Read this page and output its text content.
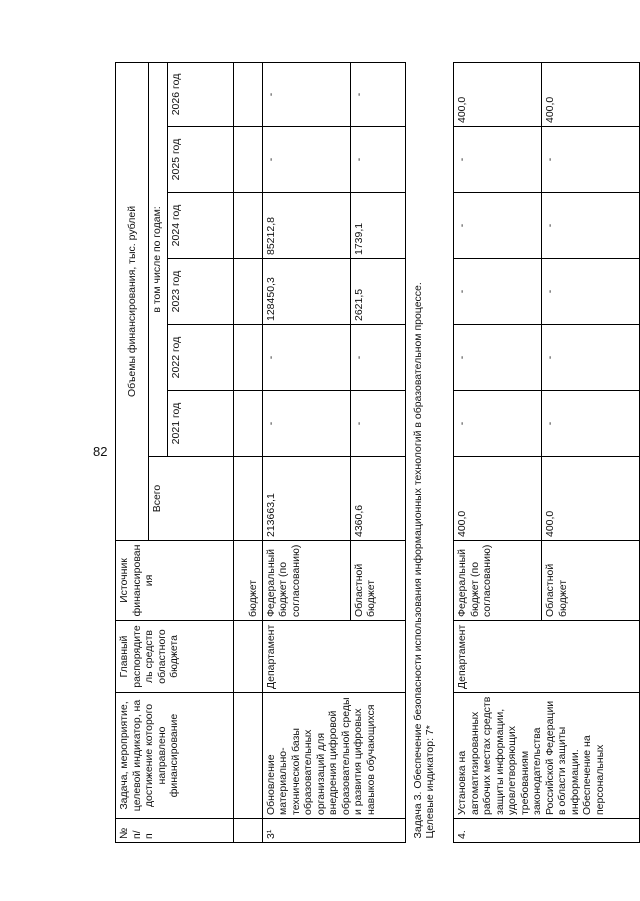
82
№ п/ п	Задача, мероприятие, целевой индикатор, на достижение которого направлено финансирование	Главный распорядитель средств областного бюджета	Источник финансирования	Объемы финансирования, тыс. рублей						
				Всего	в том числе по годам:					
					2021 год	2022 год	2023 год	2024 год	2025 год	2026 год
			бюджет							
3¹	Обновление материально-технической базы образовательных организаций для внедрения цифровой образовательной среды и развития цифровых навыков обучающихся	Департамент	Федеральный бюджет (по согласованию)	213663,1	-	-	128450,3	85212,8	-	-
			Областной бюджет	4360,6	-	-	2621,5	1739,1	-	-

Задача 3. Обеспечение безопасности использования информационных технологий в образовательном процессе. Целевые индикатор: 7*										

4.	Установка на автоматизированных рабочих местах средств защиты информации, удовлетворяющих требованиям законодательства Российской Федерации в области защиты информации. Обеспечение на персональных	Департамент	Федеральный бюджет (по согласованию)	400,0	-	-	-	-	-	400,0
			Областной бюджет	400,0	-	-	-	-	-	400,0
